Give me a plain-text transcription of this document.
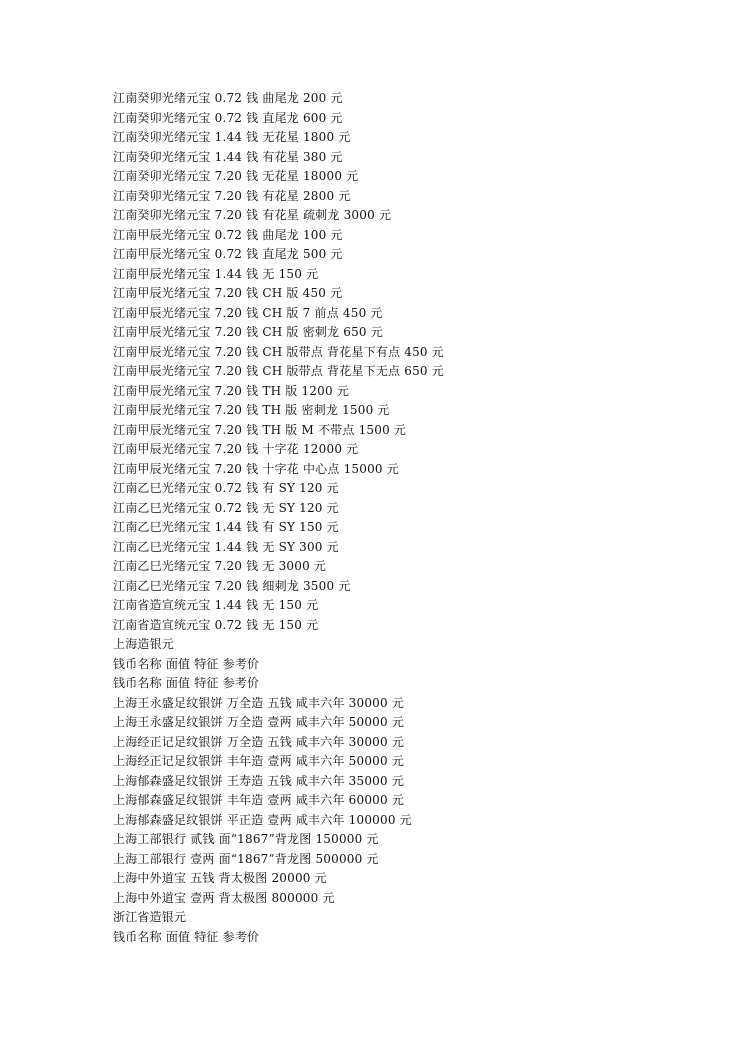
江南癸卯光绪元宝 0.72 钱 曲尾龙 200 元
江南癸卯光绪元宝 0.72 钱 直尾龙 600 元
江南癸卯光绪元宝 1.44 钱 无花星 1800 元
江南癸卯光绪元宝 1.44 钱 有花星 380 元
江南癸卯光绪元宝 7.20 钱 无花星 18000 元
江南癸卯光绪元宝 7.20 钱 有花星 2800 元
江南癸卯光绪元宝 7.20 钱 有花星 疏刺龙 3000 元
江南甲辰光绪元宝 0.72 钱 曲尾龙 100 元
江南甲辰光绪元宝 0.72 钱 直尾龙 500 元
江南甲辰光绪元宝 1.44 钱 无 150 元
江南甲辰光绪元宝 7.20 钱 CH 版 450 元
江南甲辰光绪元宝 7.20 钱 CH 版 7 前点 450 元
江南甲辰光绪元宝 7.20 钱 CH 版 密刺龙 650 元
江南甲辰光绪元宝 7.20 钱 CH 版带点 背花星下有点 450 元
江南甲辰光绪元宝 7.20 钱 CH 版带点 背花星下无点 650 元
江南甲辰光绪元宝 7.20 钱 TH 版 1200 元
江南甲辰光绪元宝 7.20 钱 TH 版 密刺龙 1500 元
江南甲辰光绪元宝 7.20 钱 TH 版 M 不带点 1500 元
江南甲辰光绪元宝 7.20 钱 十字花 12000 元
江南甲辰光绪元宝 7.20 钱 十字花 中心点 15000 元
江南乙巳光绪元宝 0.72 钱 有 SY 120 元
江南乙巳光绪元宝 0.72 钱 无 SY 120 元
江南乙巳光绪元宝 1.44 钱 有 SY 150 元
江南乙巳光绪元宝 1.44 钱 无 SY 300 元
江南乙巳光绪元宝 7.20 钱 无 3000 元
江南乙巳光绪元宝 7.20 钱 细刺龙 3500 元
江南省造宣统元宝 1.44 钱 无 150 元
江南省造宣统元宝 0.72 钱 无 150 元
上海造银元
钱币名称 面值 特征 参考价
钱币名称 面值 特征 参考价
上海王永盛足纹银饼 万全造 五钱 咸丰六年 30000 元
上海王永盛足纹银饼 万全造 壹两 咸丰六年 50000 元
上海经正记足纹银饼 万全造 五钱 咸丰六年 30000 元
上海经正记足纹银饼 丰年造 壹两 咸丰六年 50000 元
上海郁森盛足纹银饼 王寿造 五钱 咸丰六年 35000 元
上海郁森盛足纹银饼 丰年造 壹两 咸丰六年 60000 元
上海郁森盛足纹银饼 平正造 壹两 咸丰六年 100000 元
上海工部银行 贰钱 面“1867”背龙图 150000 元
上海工部银行 壹两 面“1867”背龙图 500000 元
上海中外道宝 五钱 背太极图 20000 元
上海中外道宝 壹两 背太极图 800000 元
浙江省造银元
钱币名称 面值 特征 参考价
